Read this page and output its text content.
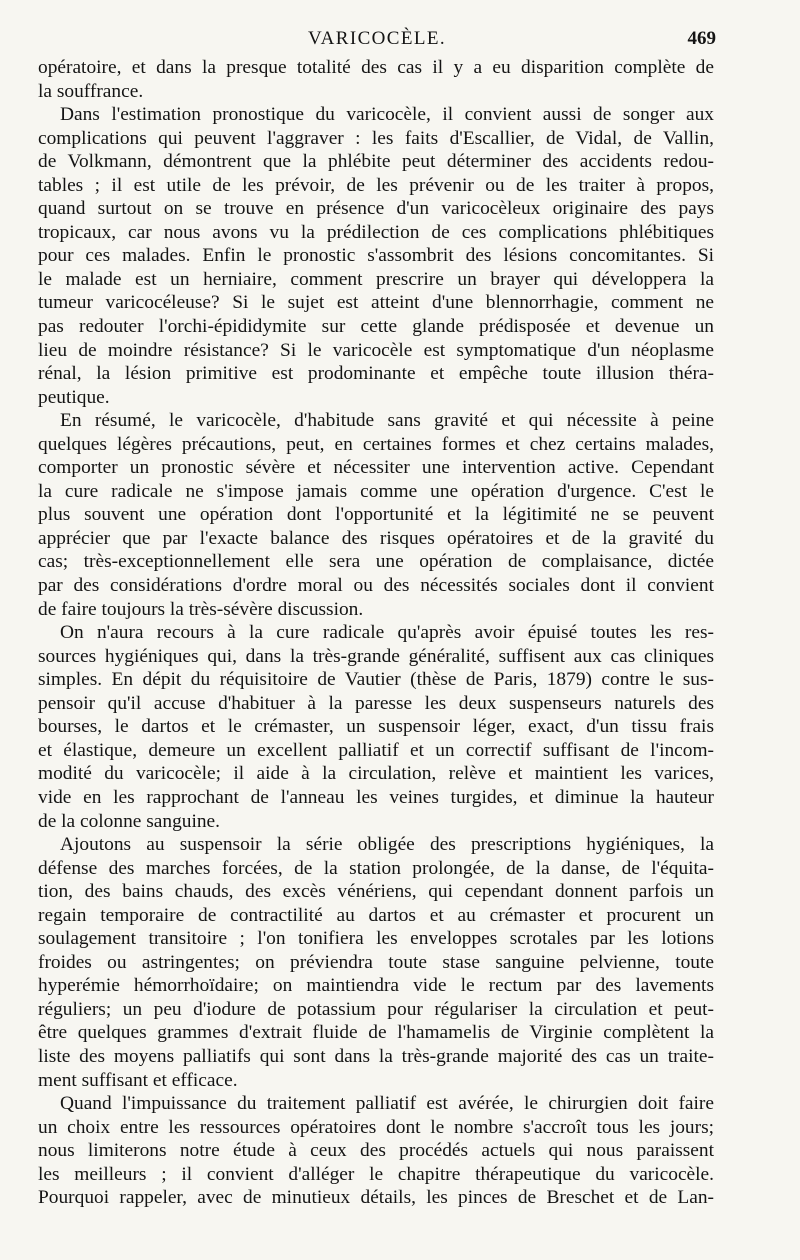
VARICOCÈLE.	469
opératoire, et dans la presque totalité des cas il y a eu disparition complète de
la souffrance.
Dans l'estimation pronostique du varicocèle, il convient aussi de songer aux
complications qui peuvent l'aggraver : les faits d'Escallier, de Vidal, de Vallin,
de Volkmann, démontrent que la phlébite peut déterminer des accidents redou-
tables ; il est utile de les prévoir, de les prévenir ou de les traiter à propos,
quand surtout on se trouve en présence d'un varicocèleux originaire des pays
tropicaux, car nous avons vu la prédilection de ces complications phlébitiques
pour ces malades. Enfin le pronostic s'assombrit des lésions concomitantes. Si
le malade est un herniaire, comment prescrire un brayer qui développera la
tumeur varicocéleuse? Si le sujet est atteint d'une blennorrhagie, comment ne
pas redouter l'orchi-épididymite sur cette glande prédisposée et devenue un
lieu de moindre résistance? Si le varicocèle est symptomatique d'un néoplasme
rénal, la lésion primitive est prodominante et empêche toute illusion théra-
peutique.
En résumé, le varicocèle, d'habitude sans gravité et qui nécessite à peine
quelques légères précautions, peut, en certaines formes et chez certains malades,
comporter un pronostic sévère et nécessiter une intervention active. Cependant
la cure radicale ne s'impose jamais comme une opération d'urgence. C'est le
plus souvent une opération dont l'opportunité et la légitimité ne se peuvent
apprécier que par l'exacte balance des risques opératoires et de la gravité du
cas; très-exceptionnellement elle sera une opération de complaisance, dictée
par des considérations d'ordre moral ou des nécessités sociales dont il convient
de faire toujours la très-sévère discussion.
On n'aura recours à la cure radicale qu'après avoir épuisé toutes les res-
sources hygiéniques qui, dans la très-grande généralité, suffisent aux cas cliniques
simples. En dépit du réquisitoire de Vautier (thèse de Paris, 1879) contre le sus-
pensoir qu'il accuse d'habituer à la paresse les deux suspenseurs naturels des
bourses, le dartos et le crémaster, un suspensoir léger, exact, d'un tissu frais
et élastique, demeure un excellent palliatif et un correctif suffisant de l'incom-
modité du varicocèle; il aide à la circulation, relève et maintient les varices,
vide en les rapprochant de l'anneau les veines turgides, et diminue la hauteur
de la colonne sanguine.
Ajoutons au suspensoir la série obligée des prescriptions hygiéniques, la
défense des marches forcées, de la station prolongée, de la danse, de l'équita-
tion, des bains chauds, des excès vénériens, qui cependant donnent parfois un
regain temporaire de contractilité au dartos et au crémaster et procurent un
soulagement transitoire ; l'on tonifiera les enveloppes scrotales par les lotions
froides ou astringentes; on préviendra toute stase sanguine pelvienne, toute
hyperémie hémorrhoïdaire; on maintiendra vide le rectum par des lavements
réguliers; un peu d'iodure de potassium pour régulariser la circulation et peut-
être quelques grammes d'extrait fluide de l'hamamelis de Virginie complètent la
liste des moyens palliatifs qui sont dans la très-grande majorité des cas un traite-
ment suffisant et efficace.
Quand l'impuissance du traitement palliatif est avérée, le chirurgien doit faire
un choix entre les ressources opératoires dont le nombre s'accroît tous les jours;
nous limiterons notre étude à ceux des procédés actuels qui nous paraissent
les meilleurs ; il convient d'alléger le chapitre thérapeutique du varicocèle.
Pourquoi rappeler, avec de minutieux détails, les pinces de Breschet et de Lan-
